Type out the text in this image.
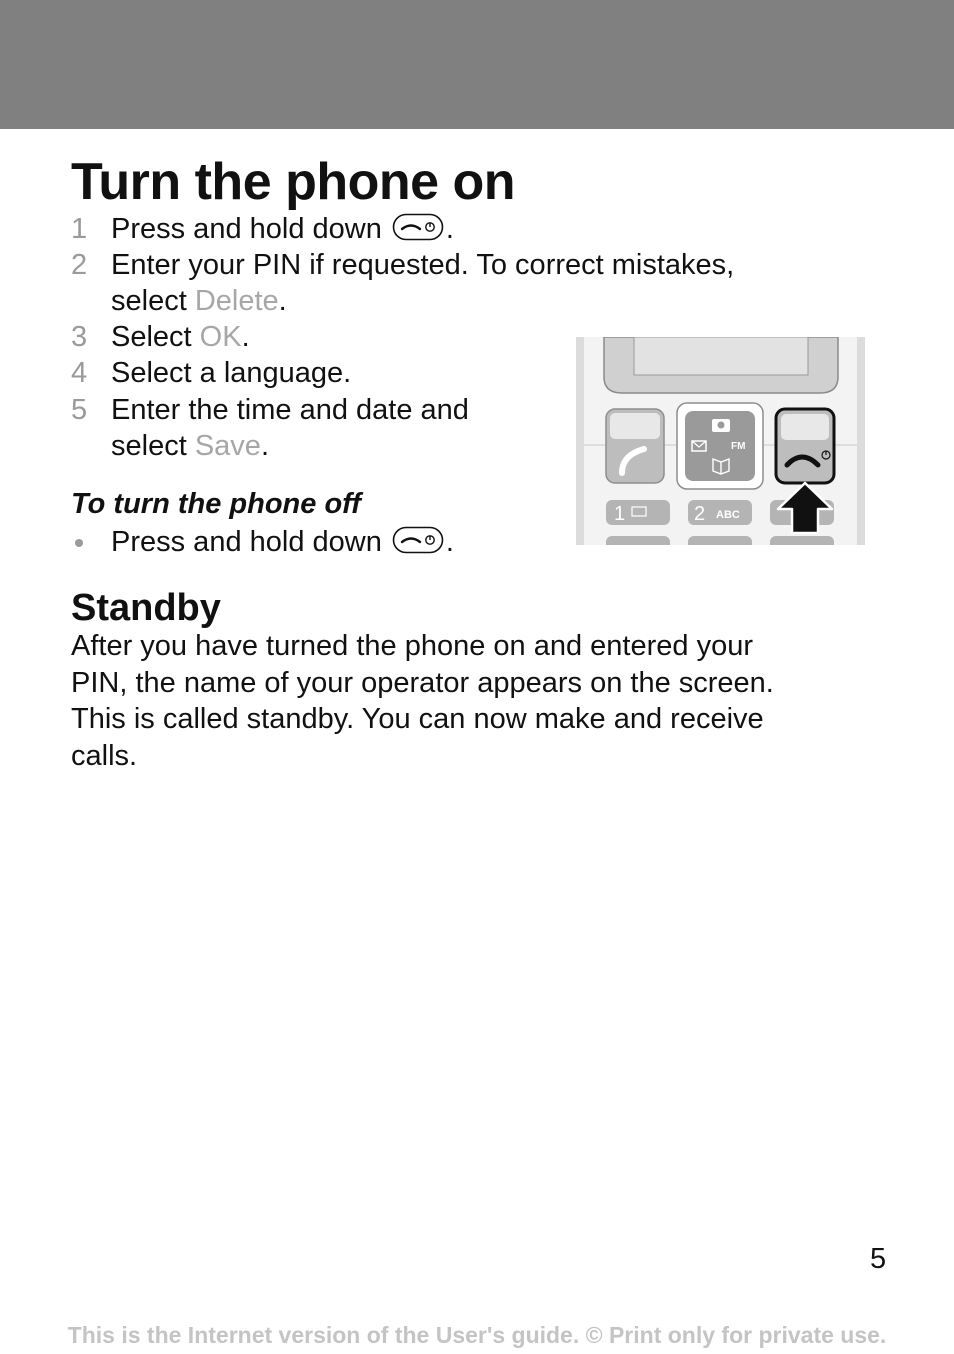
Turn the phone on
1 Press and hold down .
2 Enter your PIN if requested. To correct mistakes,
select Delete.
3 Select OK.
4 Select a language.
5 Enter the time and date and
select Save.
To turn the phone off
Press and hold down .
FM
1	2 ABC
Standby

After you have turned the phone on and entered your
PIN, the name of your operator appears on the screen.
This is called standby. You can now make and receive
calls.

5
This is the Internet version of the User's guide. © Print only for private use.
